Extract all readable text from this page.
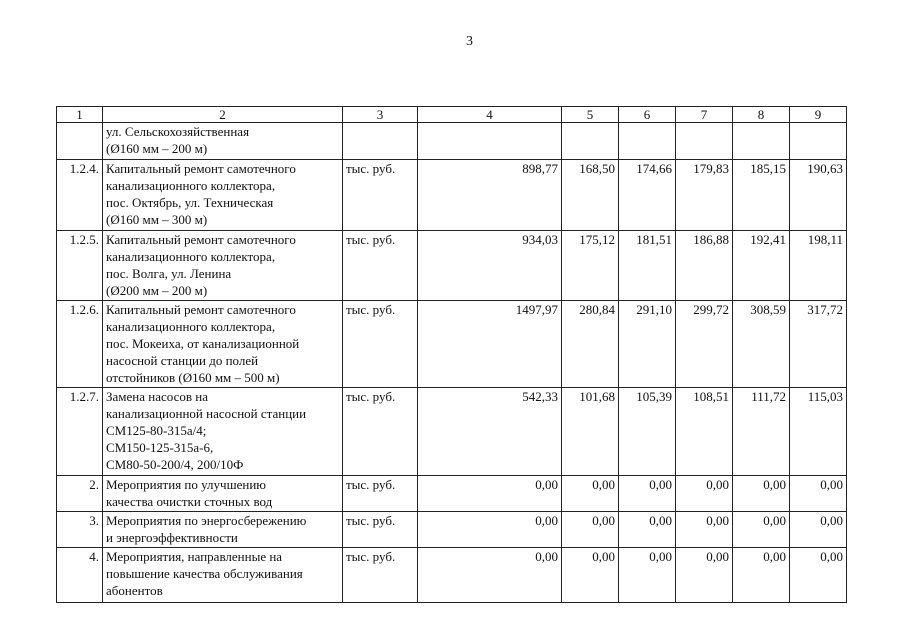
3
1	2	3	4	5	6	7	8	9
	ул. Сельскохозяйственная
(Ø160 мм – 200 м)							
1.2.4.	Капитальный ремонт самотечного
канализационного коллектора,
пос. Октябрь, ул. Техническая
(Ø160 мм – 300 м)	тыс. руб.	898,77	168,50	174,66	179,83	185,15	190,63
1.2.5.	Капитальный ремонт самотечного
канализационного коллектора,
пос. Волга, ул. Ленина
(Ø200 мм – 200 м)	тыс. руб.	934,03	175,12	181,51	186,88	192,41	198,11
1.2.6.	Капитальный ремонт самотечного
канализационного коллектора,
пос. Мокеиха, от канализационной
насосной станции до полей
отстойников (Ø160 мм – 500 м)	тыс. руб.	1497,97	280,84	291,10	299,72	308,59	317,72
1.2.7.	Замена насосов на
канализационной насосной станции
СМ125-80-315а/4;
СМ150-125-315а-6,
СМ80-50-200/4, 200/10Ф	тыс. руб.	542,33	101,68	105,39	108,51	111,72	115,03
2.	Мероприятия по улучшению
качества очистки сточных вод	тыс. руб.	0,00	0,00	0,00	0,00	0,00	0,00
3.	Мероприятия по энергосбережению
и энергоэффективности	тыс. руб.	0,00	0,00	0,00	0,00	0,00	0,00
4.	Мероприятия, направленные на
повышение качества обслуживания
абонентов	тыс. руб.	0,00	0,00	0,00	0,00	0,00	0,00
